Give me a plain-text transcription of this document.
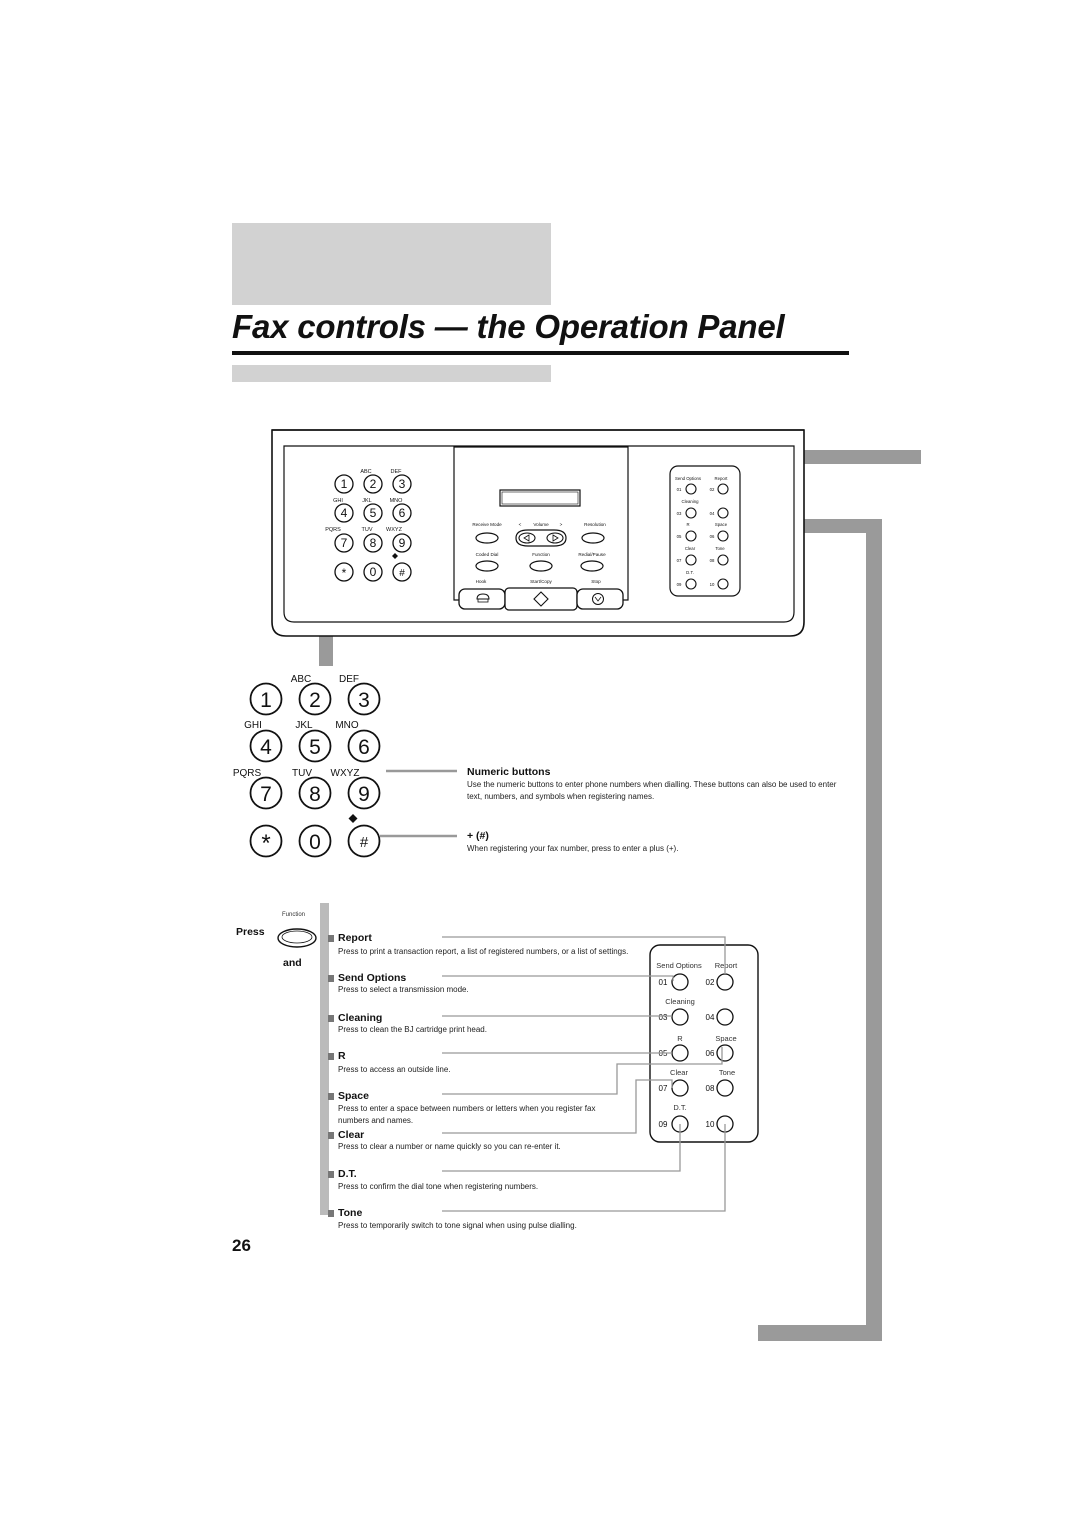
Fax controls — the Operation Panel
ABC	DEF
GHI	JKL	MNO
PQRS	TUV WXYZ
1 2 3
4 5 6
7 8 9
* 0 #
Receive Mode	<	Volume >	Resolution
Coded Dial	Function	Redial/Pause
Hook	Start/Copy	Stop
Send Options	Report
Cleaning
R	Space
Clear	Tone
D.T.
01	02
03	04
05	06
07	08
09	10
ABC	DEF
GHI	JKL MNO
PQRS	TUV WXYZ
1 2 3
4 5 6
7 8 9
* 0	#
Send Options Report
Cleaning
R	Space
Clear	Tone
D.T.
01	02
03	04
05	06
07	08
09	10
Numeric buttons
Use the numeric buttons to enter phone numbers when dialling. These buttons can also be used to enter text, numbers, and symbols when registering names.
+ (#)
When registering your fax number, press to enter a plus (+).
Function
Press
and
Report
Press to print a transaction report, a list of registered numbers, or a list of settings.
Send Options
Press to select a transmission mode.
Cleaning
Press to clean the BJ cartridge print head.
R
Press to access an outside line.
Space
Press to enter a space between numbers or letters when you register fax numbers and names.
Clear
Press to clear a number or name quickly so you can re-enter it.
D.T.
Press to confirm the dial tone when registering numbers.
Tone
Press to temporarily switch to tone signal when using pulse dialling.
26
